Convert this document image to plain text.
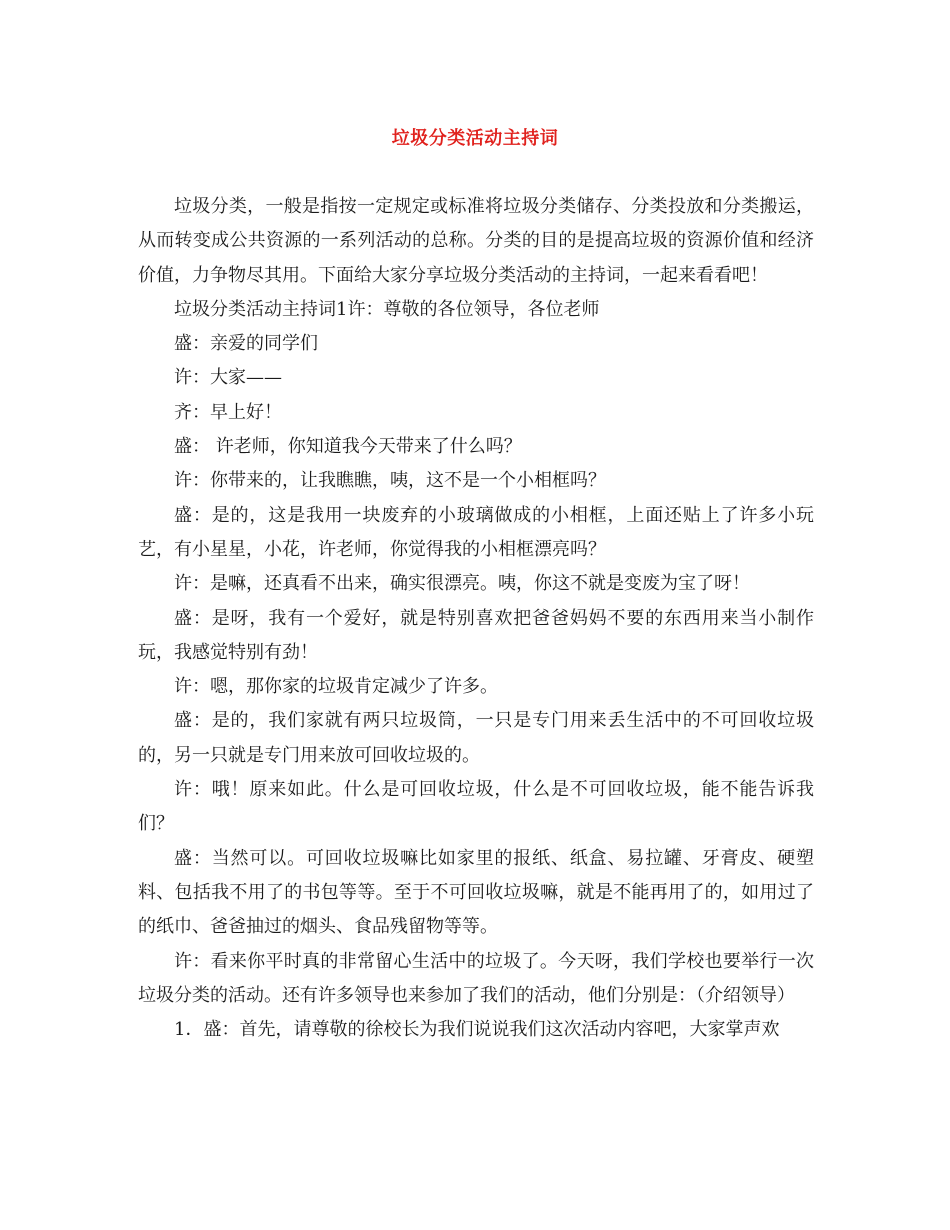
垃圾分类活动主持词

垃圾分类，一般是指按一定规定或标准将垃圾分类储存、分类投放和分类搬运，从而转变成公共资源的一系列活动的总称。分类的目的是提高垃圾的资源价值和经济价值，力争物尽其用。下面给大家分享垃圾分类活动的主持词，一起来看看吧！

垃圾分类活动主持词1许：尊敬的各位领导，各位老师

盛：亲爱的同学们

许：大家——

齐：早上好！

盛： 许老师，你知道我今天带来了什么吗？

许：你带来的，让我瞧瞧，咦，这不是一个小相框吗？

盛：是的，这是我用一块废弃的小玻璃做成的小相框，上面还贴上了许多小玩艺，有小星星，小花，许老师，你觉得我的小相框漂亮吗？

许：是嘛，还真看不出来，确实很漂亮。咦，你这不就是变废为宝了呀！

盛：是呀，我有一个爱好，就是特别喜欢把爸爸妈妈不要的东西用来当小制作玩，我感觉特别有劲！

许：嗯，那你家的垃圾肯定减少了许多。

盛：是的，我们家就有两只垃圾筒，一只是专门用来丢生活中的不可回收垃圾的，另一只就是专门用来放可回收垃圾的。

许：哦！原来如此。什么是可回收垃圾，什么是不可回收垃圾，能不能告诉我们？

盛：当然可以。可回收垃圾嘛比如家里的报纸、纸盒、易拉罐、牙膏皮、硬塑料、包括我不用了的书包等等。至于不可回收垃圾嘛，就是不能再用了的，如用过了的纸巾、爸爸抽过的烟头、食品残留物等等。

许：看来你平时真的非常留心生活中的垃圾了。今天呀，我们学校也要举行一次垃圾分类的活动。还有许多领导也来参加了我们的活动，他们分别是：（介绍领导）

1．盛：首先，请尊敬的徐校长为我们说说我们这次活动内容吧，大家掌声欢
